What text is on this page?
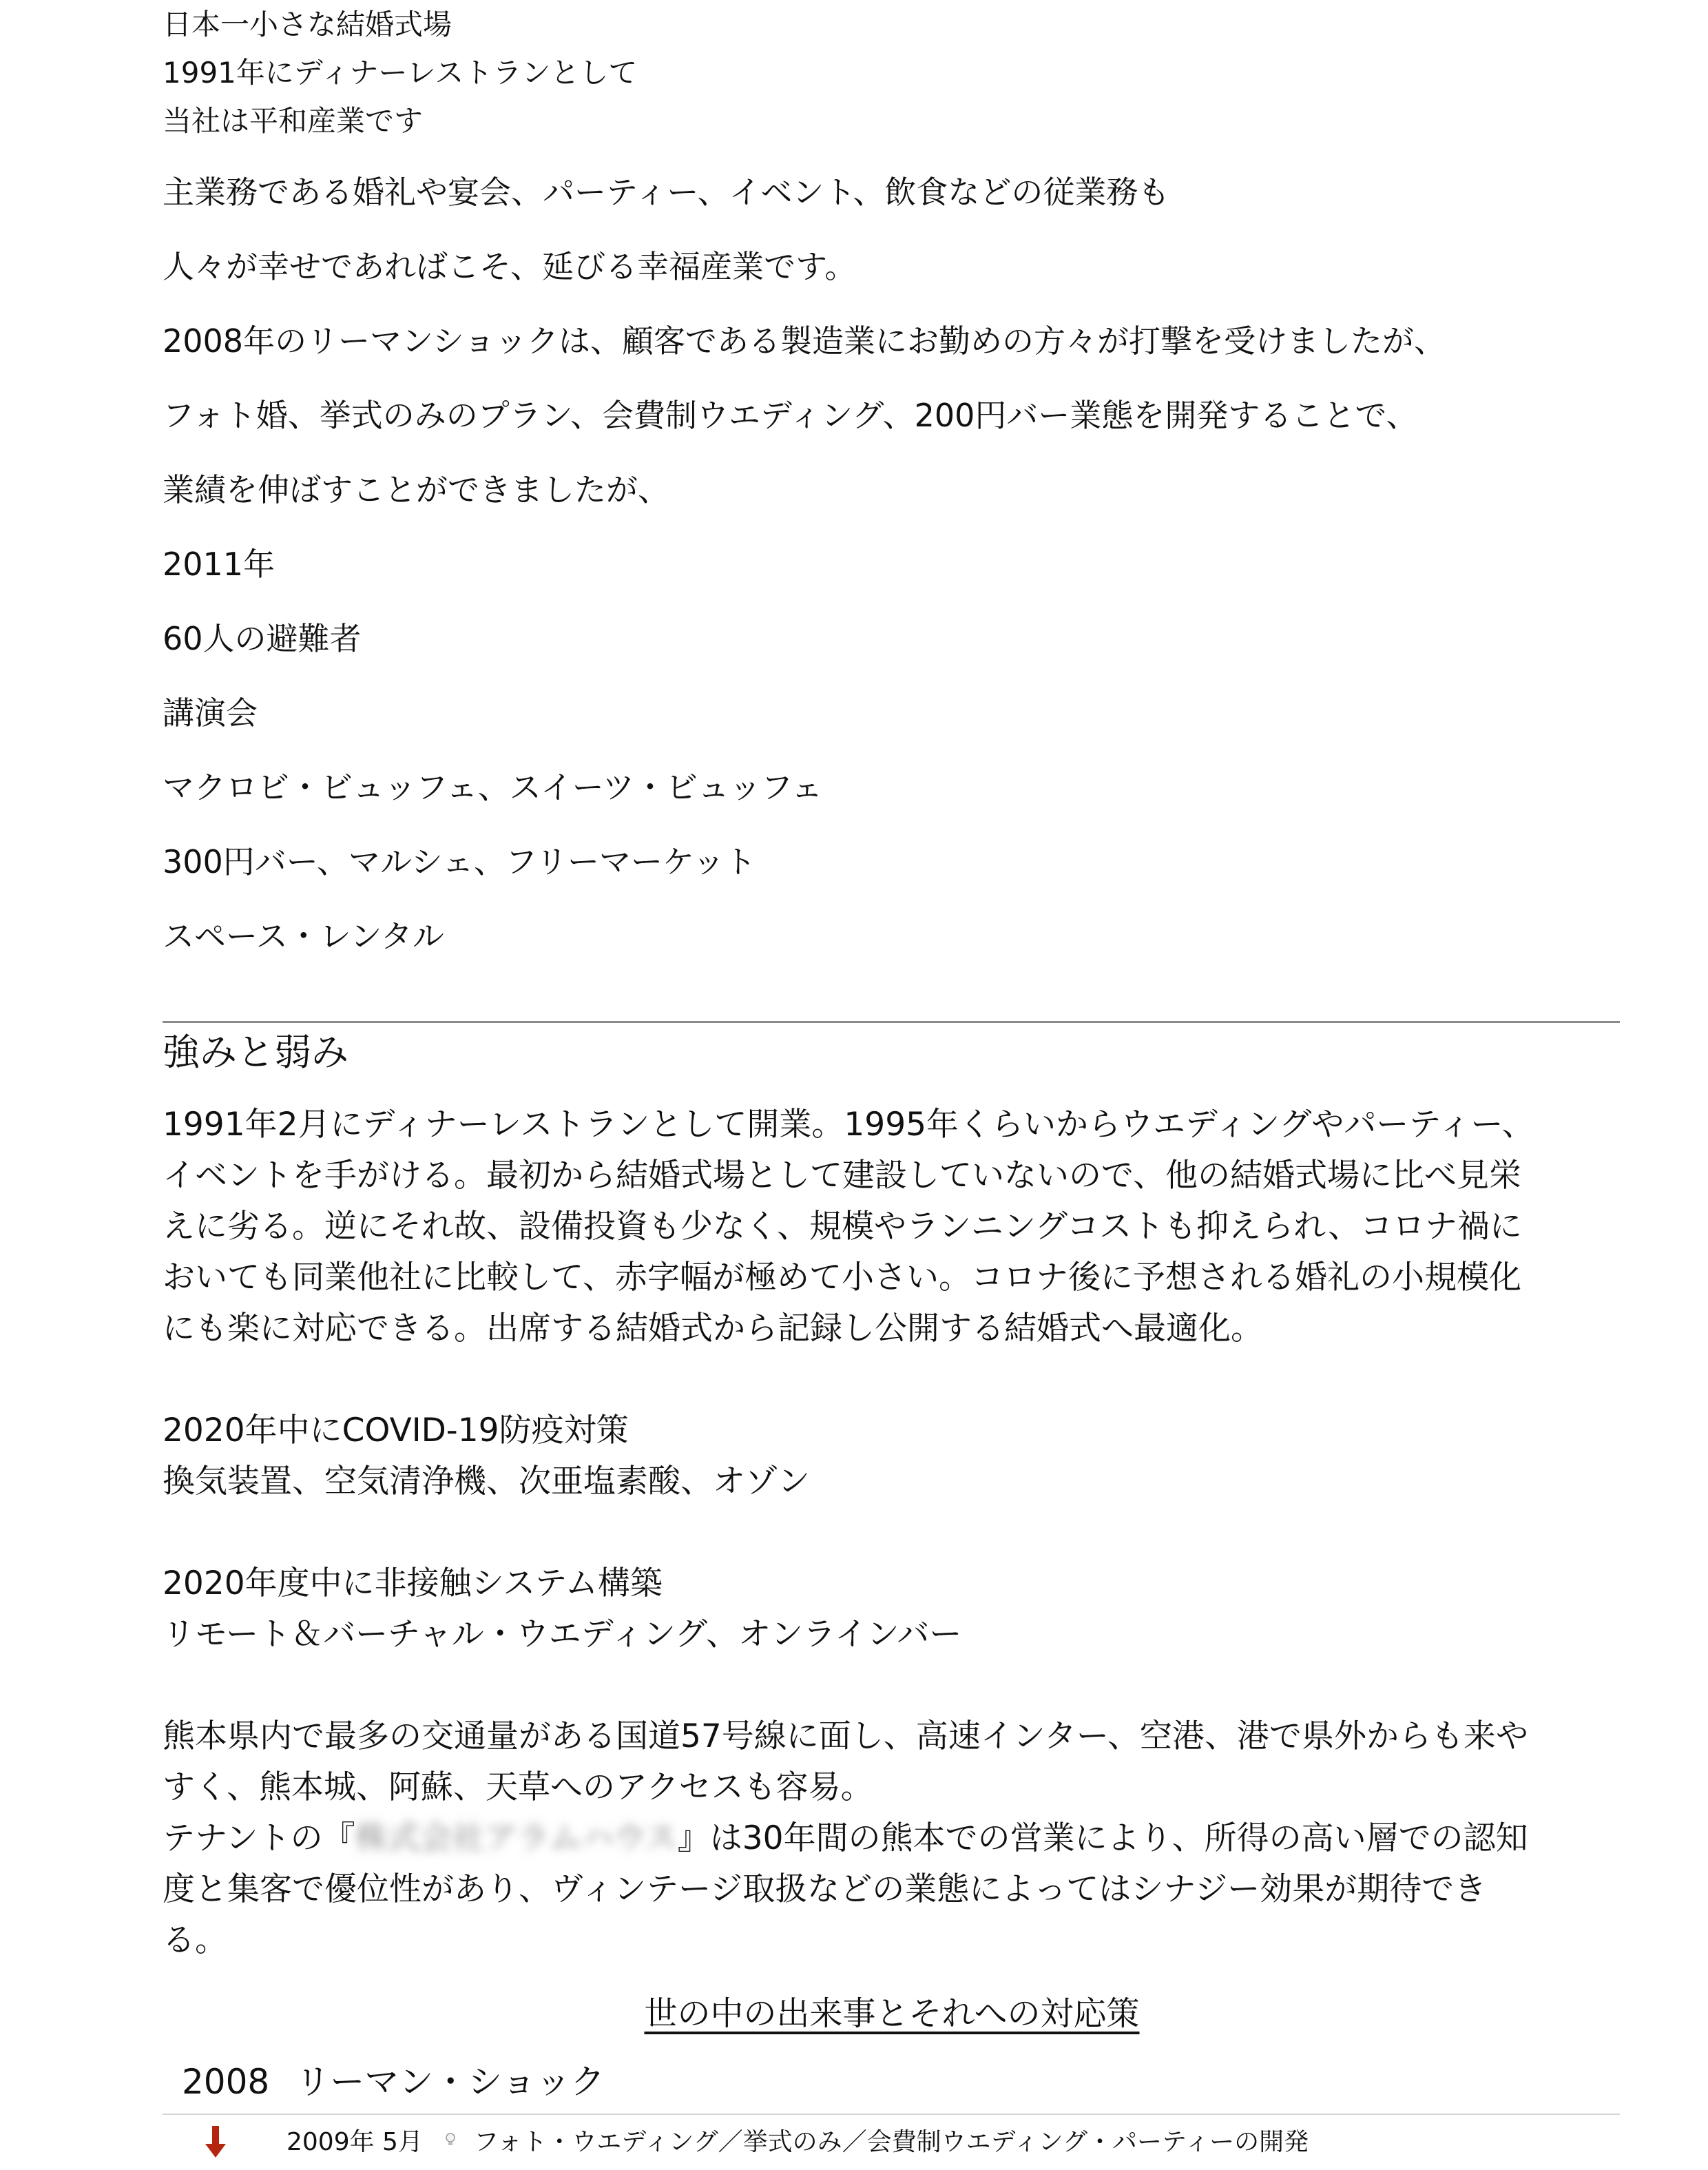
日本一小さな結婚式場

1991年にディナーレストランとして

当社は平和産業です

主業務である婚礼や宴会、パーティー、イベント、飲食などの従業務も

人々が幸せであればこそ、延びる幸福産業です。

2008年のリーマンショックは、顧客である製造業にお勤めの方々が打撃を受けましたが、

フォト婚、挙式のみのプラン、会費制ウエディング、200円バー業態を開発することで、

業績を伸ばすことができましたが、

2011年

60人の避難者

講演会

マクロビ・ビュッフェ、スイーツ・ビュッフェ

300円バー、マルシェ、フリーマーケット

スペース・レンタル

強みと弱み

1991年2月にディナーレストランとして開業。1995年くらいからウエディングやパーティー、

イベントを手がける。最初から結婚式場として建設していないので、他の結婚式場に比べ見栄

えに劣る。逆にそれ故、設備投資も少なく、規模やランニングコストも抑えられ、コロナ禍に

おいても同業他社に比較して、赤字幅が極めて小さい。コロナ後に予想される婚礼の小規模化

にも楽に対応できる。出席する結婚式から記録し公開する結婚式へ最適化。

2020年中にCOVID-19防疫対策

換気装置、空気清浄機、次亜塩素酸、オゾン

2020年度中に非接触システム構築

リモート＆バーチャル・ウエディング、オンラインバー

熊本県内で最多の交通量がある国道57号線に面し、高速インター、空港、港で県外からも来や

すく、熊本城、阿蘇、天草へのアクセスも容易。

テナントの『株式会社アラムハウス』は30年間の熊本での営業により、所得の高い層での認知

度と集客で優位性があり、ヴィンテージ取扱などの業態によってはシナジー効果が期待でき

る。

世の中の出来事とそれへの対応策

2008 リーマン・ショック
2009年 5月 フォト・ウエディング／挙式のみ／会費制ウエディング・パーティーの開発
